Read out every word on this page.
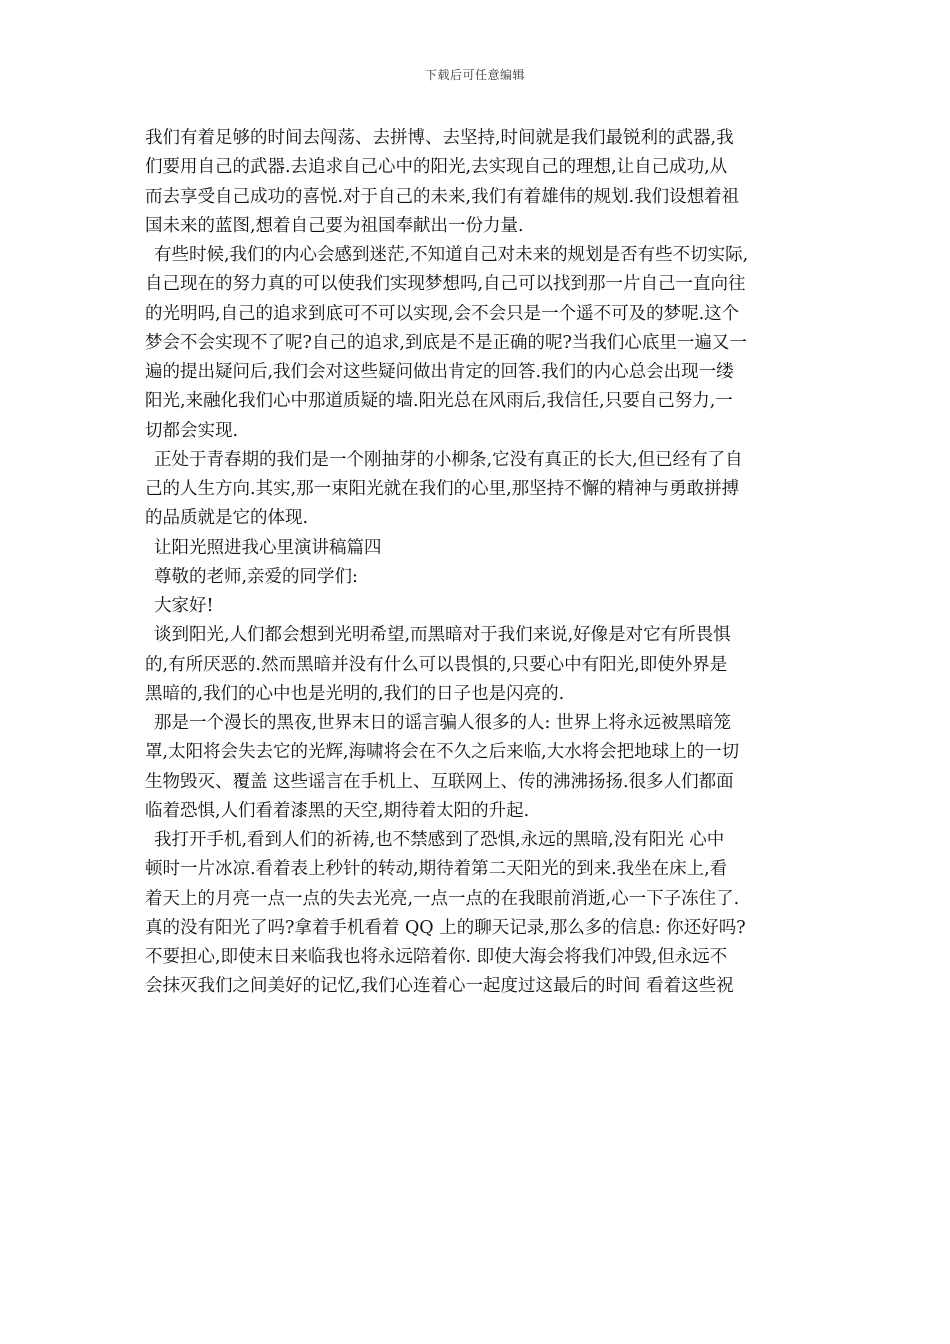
下载后可任意编辑
我们有着足够的时间去闯荡、去拼博、去坚持,时间就是我们最锐利的武器,我
们要用自己的武器.去追求自己心中的阳光,去实现自己的理想,让自己成功,从
而去享受自己成功的喜悦.对于自己的未来,我们有着雄伟的规划.我们设想着祖
国未来的蓝图,想着自己要为祖国奉献出一份力量.
有些时候,我们的内心会感到迷茫,不知道自己对未来的规划是否有些不切实际,
自己现在的努力真的可以使我们实现梦想吗,自己可以找到那一片自己一直向往
的光明吗,自己的追求到底可不可以实现,会不会只是一个遥不可及的梦呢.这个
梦会不会实现不了呢?自己的追求,到底是不是正确的呢?当我们心底里一遍又一
遍的提出疑问后,我们会对这些疑问做出肯定的回答.我们的内心总会出现一缕
阳光,来融化我们心中那道质疑的墙.阳光总在风雨后,我信任,只要自己努力,一
切都会实现.
正处于青春期的我们是一个刚抽芽的小柳条,它没有真正的长大,但已经有了自
己的人生方向.其实,那一束阳光就在我们的心里,那坚持不懈的精神与勇敢拼搏
的品质就是它的体现.
让阳光照进我心里演讲稿篇四
尊敬的老师,亲爱的同学们:
大家好!
谈到阳光,人们都会想到光明希望,而黑暗对于我们来说,好像是对它有所畏惧
的,有所厌恶的.然而黑暗并没有什么可以畏惧的,只要心中有阳光,即使外界是
黑暗的,我们的心中也是光明的,我们的日子也是闪亮的.
那是一个漫长的黑夜,世界末日的谣言骗人很多的人: 世界上将永远被黑暗笼
罩,太阳将会失去它的光辉,海啸将会在不久之后来临,大水将会把地球上的一切
生物毁灭、覆盖 这些谣言在手机上、互联网上、传的沸沸扬扬.很多人们都面
临着恐惧,人们看着漆黑的天空,期待着太阳的升起.
我打开手机,看到人们的祈祷,也不禁感到了恐惧,永远的黑暗,没有阳光 心中
顿时一片冰凉.看着表上秒针的转动,期待着第二天阳光的到来.我坐在床上,看
着天上的月亮一点一点的失去光亮,一点一点的在我眼前消逝,心一下子冻住了.
真的没有阳光了吗?拿着手机看着 QQ 上的聊天记录,那么多的信息: 你还好吗?
不要担心,即使末日来临我也将永远陪着你. 即使大海会将我们冲毁,但永远不
会抹灭我们之间美好的记忆,我们心连着心一起度过这最后的时间 看着这些祝
